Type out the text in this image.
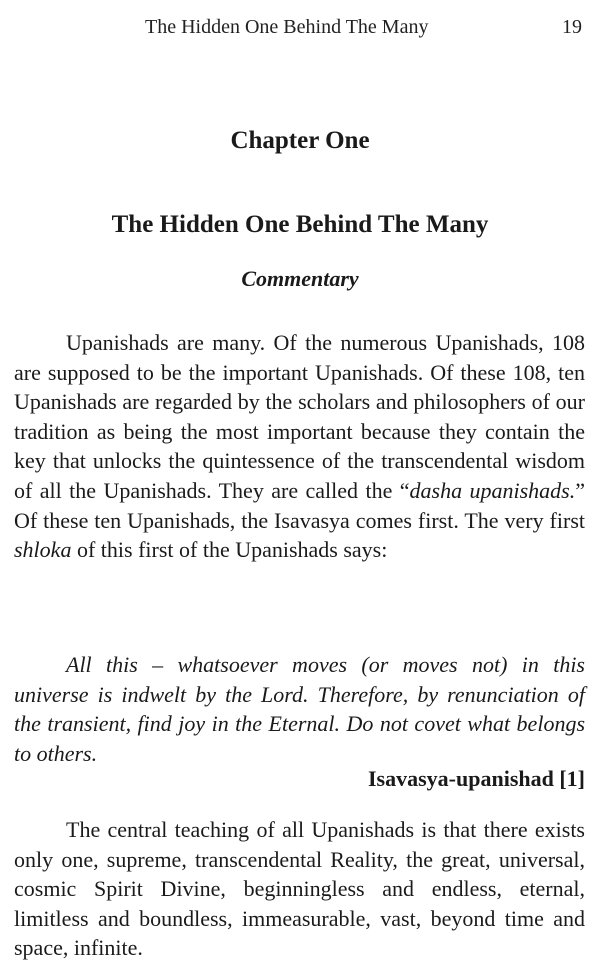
The Hidden One Behind The Many	19
Chapter One
The Hidden One Behind The Many
Commentary

Upanishads are many. Of the numerous Upanishads, 108 are supposed to be the important Upanishads. Of these 108, ten Upanishads are regarded by the scholars and philosophers of our tradition as being the most important because they contain the key that unlocks the quintessence of the transcendental wisdom of all the Upanishads. They are called the “dasha upanishads.” Of these ten Upanishads, the Isavasya comes first. The very first shloka of this first of the Upanishads says:

All this – whatsoever moves (or moves not) in this universe is indwelt by the Lord. Therefore, by renunciation of the transient, find joy in the Eternal. Do not covet what belongs to others.

Isavasya-upanishad [1]

The central teaching of all Upanishads is that there exists only one, supreme, transcendental Reality, the great, universal, cosmic Spirit Divine, beginningless and endless, eternal, limitless and boundless, immeasurable, vast, beyond time and space, infinite.
